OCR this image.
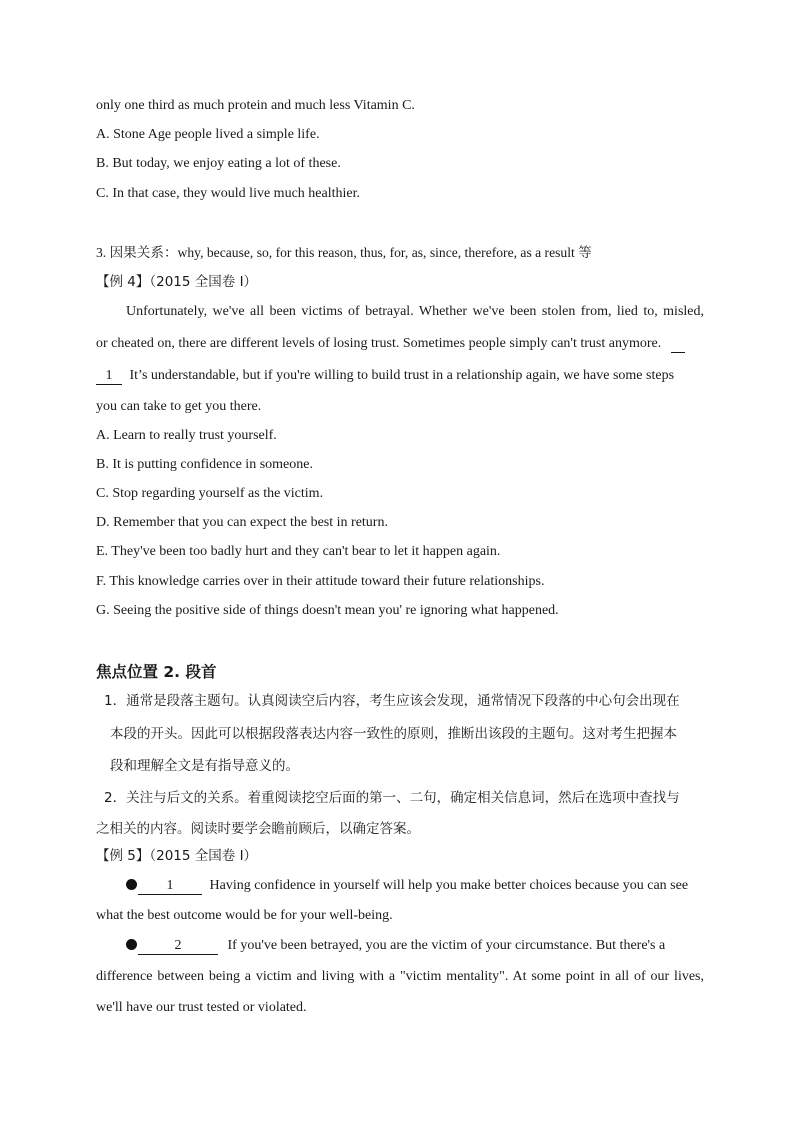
only one third as much protein and much less Vitamin C.
A. Stone Age people lived a simple life.
B. But today, we enjoy eating a lot of these.
C. In that case, they would live much healthier.
3. 因果关系：why, because, so, for this reason, thus, for, as, since, therefore, as a result 等
【例 4】（2015 全国卷 I）
Unfortunately, we've all been victims of betrayal. Whether we've been stolen from, lied to, misled,
or cheated on, there are different levels of losing trust. Sometimes people simply can't trust anymore.
1 It’s understandable, but if you're willing to build trust in a relationship again, we have some steps
you can take to get you there.
A. Learn to really trust yourself.
B. It is putting confidence in someone.
C. Stop regarding yourself as the victim.
D. Remember that you can expect the best in return.
E. They've been too badly hurt and they can't bear to let it happen again.
F. This knowledge carries over in their attitude toward their future relationships.
G. Seeing the positive side of things doesn't mean you' re ignoring what happened.
焦点位置 2. 段首
1．通常是段落主题句。认真阅读空后内容，考生应该会发现，通常情况下段落的中心句会出现在
本段的开头。因此可以根据段落表达内容一致性的原则，推断出该段的主题句。这对考生把握本
段和理解全文是有指导意义的。
2．关注与后文的关系。着重阅读挖空后面的第一、二句，确定相关信息词，然后在选项中查找与
之相关的内容。阅读时要学会瞻前顾后，以确定答案。
【例 5】（2015 全国卷 I）
1	Having confidence in yourself will help you make better choices because you can see
what the best outcome would be for your well-being.
2	If you've been betrayed, you are the victim of your circumstance. But there's a
difference between being a victim and living with a "victim mentality". At some point in all of our lives,
we'll have our trust tested or violated.
